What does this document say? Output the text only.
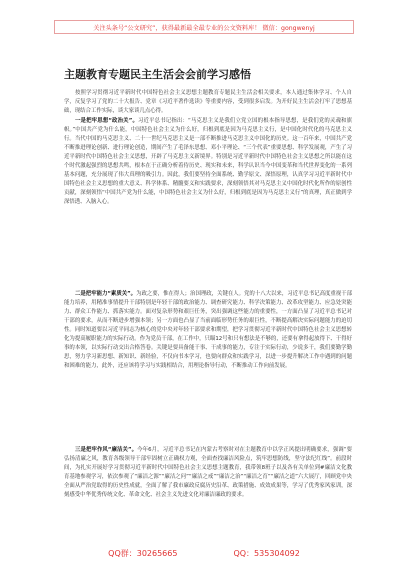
关注头条号“公文研究”，获得最新最全最专业的公文资料库！ 微信：gongwenyj
主题教育专题民主生活会会前学习感悟

按照学习贯彻习近平新时代中国特色社会主义思想主题教育专题民主生活会相关要求，本人通过集体学习、个人自学，反复学习了党的二十大报告、党章《习近平著作选读》等重要内容，受到很多启发。为开好民主生活会打牢了思想基础，现结合工作实际，谈大家谈几点心得。

一是把牢思想“政治关”。习近平总书记指出：“马克思主义是我们立党立国的根本指导思想，是我们党的灵魂和旗帜。”中国共产党为什么能，中国特色社会主义为什么好，归根到底是因为马克思主义行，是中国化时代化的马克思主义行。当代中国的马克思主义、二十一世纪马克思主义是一部不断推进马克思主义中国化的历史。这一百年来，中国共产党不断推进理论创新、进行理论创造，期间产生了毛泽东思想、邓小平理论、“三个代表”重要思想、科学发展观，产生了习近平新时代中国特色社会主义思想，开辟了马克思主义新境界。特别是习近平新时代中国特色社会主义思想之所以能在这个时代激起强烈的思想共鸣，根本在于正确分析着侍历史、现实和未来，科学认识当今中国变革和当代世界变化的一系列基本问题，充分展现了伟大真理的吸引力。因此，我们要坚持全面系统、勤学原文、深悟原理，认真学习习近平新时代中国特色社会主义思想的重大意义、科学体系、精髓要义和实践要求，深刻领悟其对马克思主义中国化时代化所作的原创性贡献，深刻领悟“中国共产党为什么能，中国特色社会主义为什么好，归根到底是因为马克思主义行”的真理，真正做到学深悟透、入脑入心。

二是把牢能力“素质关”。为政之要，惟在得人；治国理政，关键在人。党的十八大以来，习近平总书记高度重视干部能力培养，用精准事情提升干部特别是年轻干部的政治能力、调查研究能力、科学决策能力、改革攻坚能力、应急处突能力、群众工作能力、抓落实能力。面对复杂形势和艰巨任务，突出强调这些能力的重要性，一方面凸显了习近平总书记对干部的要求，从而不断进步增强本领；另一方面也凸显了当前面临形势任务的艰巨性，不断提高解决实际问题能力的迫切性。同时知道要以习近平同志为核心的党中央对年轻干部要求和期望，把学习贯彻习近平新时代中国特色社会主义思想转化为提高履职能力的实际行动。作为党员干部，在工作中，只瞄12号和只有想法是不够的，还要有拿得起放得下、干得好事的本领，以实际行动交出合格答卷。关键是要具备能干事、干成事的能力，专注于实际行动，少说多干，我们要勤学勤思，努力学习新思想、新知识、新经验，不仅向书本学习，也要向群众和实践学习，以进一步提升解决工作中遇到的问题和困难的能力，此外，还应该将学习与实践相结合，用理论指导行动，不断推动工作向前发展。

三是把牢作风“廉洁关”。今年6月，习近平总书记在内蒙古考察时对在主题教育中以学正风提出明确要求，强调“要弘扬清廉之风，教育各级领导干部牢固树立正确权力观，全面查找廉洁风险点，筑牢思想防线，坚守法纪红线”。前段时间，为扎实开展好学习贯彻习近平新时代中国特色社会主义思想主题教育，我带领8班子以及各有关单位到#廉洁文化教育基地参观学习，依次参观了“廉洁之源”“廉洁之问”“廉洁之戒”“廉洁之治”“廉洁之育”“廉洁之道”六大展厅，回顾党中央全面从严治党取得的历史性成就，全面了解了我市廉政反腐历史沿革、政策措施、成效成果等，学习了优秀家风家训，深刻感受中华优秀传统文化、革命文化、社会主义先进文化对廉洁廉政的要求。

QQ群：30265665	QQ：535304092
